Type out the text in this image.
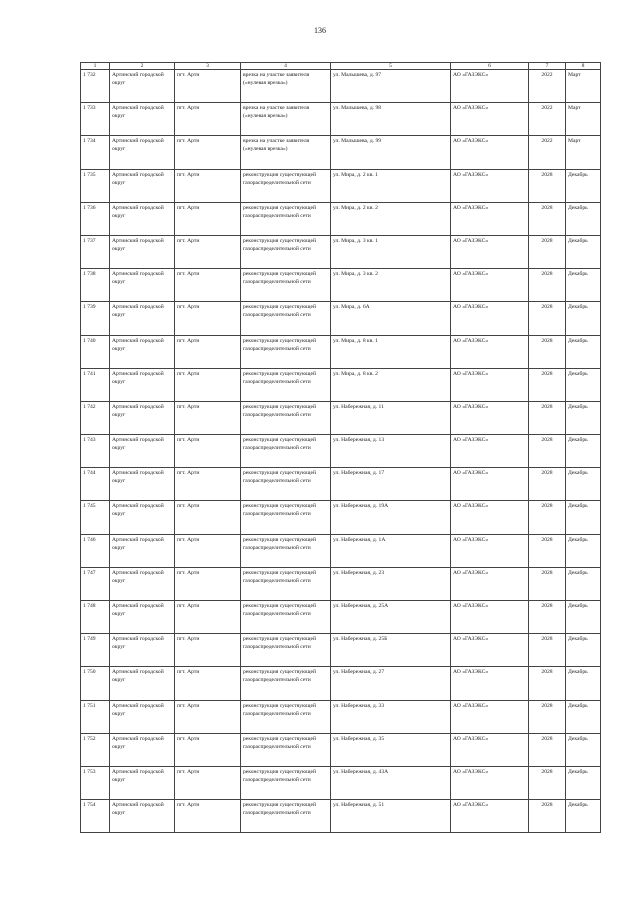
136
1	2	3	4	5	6	7	8
1 732	Артинский городской округ	пгт. Арти	врезка на участке заявителя («нулевая врезка»)	ул. Малышева, д. 97	АО «ГАЗЭКС»	2022	Март
1 733	Артинский городской округ	пгт. Арти	врезка на участке заявителя («нулевая врезка»)	ул. Малышева, д. 98	АО «ГАЗЭКС»	2022	Март
1 734	Артинский городской округ	пгт. Арти	врезка на участке заявителя («нулевая врезка»)	ул. Малышева, д. 99	АО «ГАЗЭКС»	2022	Март
1 735	Артинский городской округ	пгт. Арти	реконструкция существующей газораспределительной сети	ул. Мира, д. 2 кв. 1	АО «ГАЗЭКС»	2028	Декабрь
1 736	Артинский городской округ	пгт. Арти	реконструкция существующей газораспределительной сети	ул. Мира, д. 2 кв. 2	АО «ГАЗЭКС»	2028	Декабрь
1 737	Артинский городской округ	пгт. Арти	реконструкция существующей газораспределительной сети	ул. Мира, д. 3 кв. 1	АО «ГАЗЭКС»	2028	Декабрь
1 738	Артинский городской округ	пгт. Арти	реконструкция существующей газораспределительной сети	ул. Мира, д. 3 кв. 2	АО «ГАЗЭКС»	2028	Декабрь
1 739	Артинский городской округ	пгт. Арти	реконструкция существующей газораспределительной сети	ул. Мира, д. 6А	АО «ГАЗЭКС»	2028	Декабрь
1 740	Артинский городской округ	пгт. Арти	реконструкция существующей газораспределительной сети	ул. Мира, д. 8 кв. 1	АО «ГАЗЭКС»	2028	Декабрь
1 741	Артинский городской округ	пгт. Арти	реконструкция существующей газораспределительной сети	ул. Мира, д. 8 кв. 2	АО «ГАЗЭКС»	2028	Декабрь
1 742	Артинский городской округ	пгт. Арти	реконструкция существующей газораспределительной сети	ул. Набережная, д. 11	АО «ГАЗЭКС»	2028	Декабрь
1 743	Артинский городской округ	пгт. Арти	реконструкция существующей газораспределительной сети	ул. Набережная, д. 13	АО «ГАЗЭКС»	2028	Декабрь
1 744	Артинский городской округ	пгт. Арти	реконструкция существующей газораспределительной сети	ул. Набережная, д. 17	АО «ГАЗЭКС»	2028	Декабрь
1 745	Артинский городской округ	пгт. Арти	реконструкция существующей газораспределительной сети	ул. Набережная, д. 19А	АО «ГАЗЭКС»	2028	Декабрь
1 746	Артинский городской округ	пгт. Арти	реконструкция существующей газораспределительной сети	ул. Набережная, д. 1А	АО «ГАЗЭКС»	2028	Декабрь
1 747	Артинский городской округ	пгт. Арти	реконструкция существующей газораспределительной сети	ул. Набережная, д. 23	АО «ГАЗЭКС»	2028	Декабрь
1 748	Артинский городской округ	пгт. Арти	реконструкция существующей газораспределительной сети	ул. Набережная, д. 25А	АО «ГАЗЭКС»	2028	Декабрь
1 749	Артинский городской округ	пгт. Арти	реконструкция существующей газораспределительной сети	ул. Набережная, д. 25Б	АО «ГАЗЭКС»	2028	Декабрь
1 750	Артинский городской округ	пгт. Арти	реконструкция существующей газораспределительной сети	ул. Набережная, д. 27	АО «ГАЗЭКС»	2028	Декабрь
1 751	Артинский городской округ	пгт. Арти	реконструкция существующей газораспределительной сети	ул. Набережная, д. 33	АО «ГАЗЭКС»	2028	Декабрь
1 752	Артинский городской округ	пгт. Арти	реконструкция существующей газораспределительной сети	ул. Набережная, д. 35	АО «ГАЗЭКС»	2028	Декабрь
1 753	Артинский городской округ	пгт. Арти	реконструкция существующей газораспределительной сети	ул. Набережная, д. 43А	АО «ГАЗЭКС»	2028	Декабрь
1 754	Артинский городской округ	пгт. Арти	реконструкция существующей газораспределительной сети	ул. Набережная, д. 51	АО «ГАЗЭКС»	2028	Декабрь
